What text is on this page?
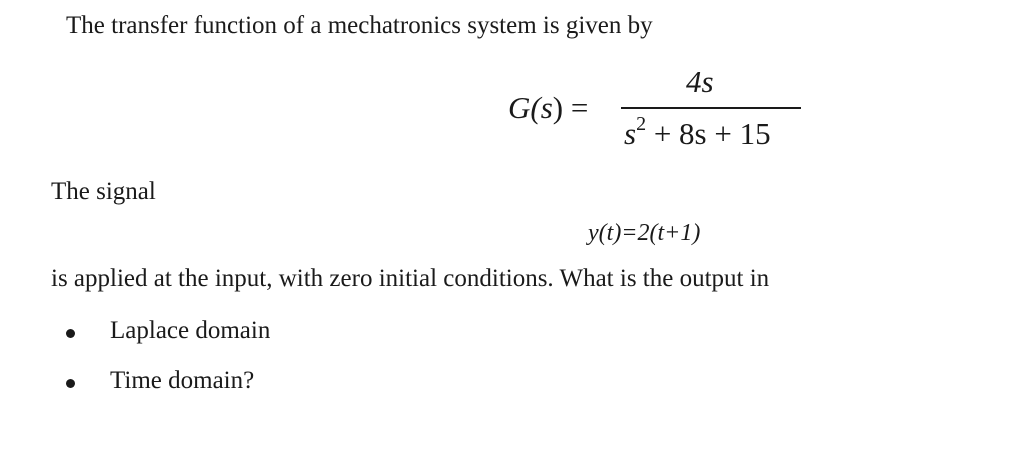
The transfer function of a mechatronics system is given by
G(s) =
4s
$s^2 + 8s + 15$
The signal
y(t)=2(t+1)
is applied at the input, with zero initial conditions. What is the output in
Laplace domain
Time domain?
